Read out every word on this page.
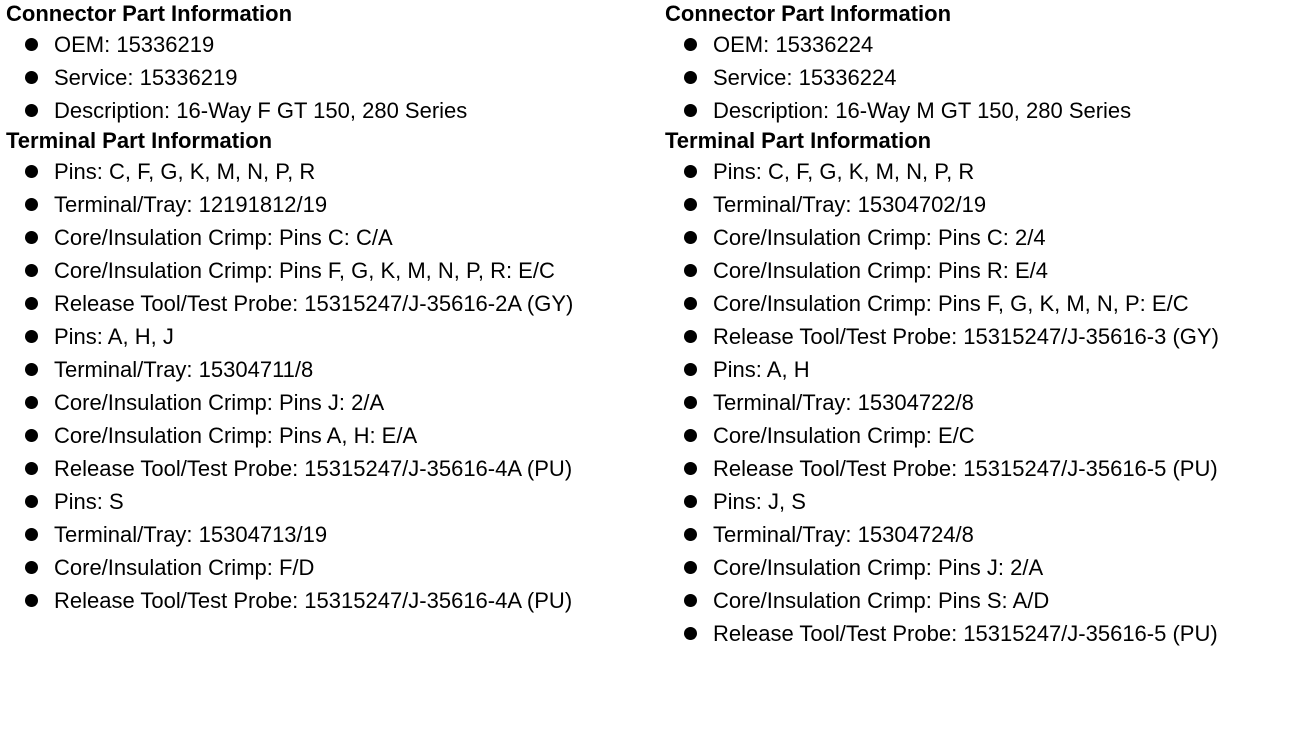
Connector Part Information
OEM: 15336219
Service: 15336219
Description: 16-Way F GT 150, 280 Series
Terminal Part Information
Pins: C, F, G, K, M, N, P, R
Terminal/Tray: 12191812/19
Core/Insulation Crimp: Pins C: C/A
Core/Insulation Crimp: Pins F, G, K, M, N, P, R: E/C
Release Tool/Test Probe: 15315247/J-35616-2A (GY)
Pins: A, H, J
Terminal/Tray: 15304711/8
Core/Insulation Crimp: Pins J: 2/A
Core/Insulation Crimp: Pins A, H: E/A
Release Tool/Test Probe: 15315247/J-35616-4A (PU)
Pins: S
Terminal/Tray: 15304713/19
Core/Insulation Crimp: F/D
Release Tool/Test Probe: 15315247/J-35616-4A (PU)
Connector Part Information
OEM: 15336224
Service: 15336224
Description: 16-Way M GT 150, 280 Series
Terminal Part Information
Pins: C, F, G, K, M, N, P, R
Terminal/Tray: 15304702/19
Core/Insulation Crimp: Pins C: 2/4
Core/Insulation Crimp: Pins R: E/4
Core/Insulation Crimp: Pins F, G, K, M, N, P: E/C
Release Tool/Test Probe: 15315247/J-35616-3 (GY)
Pins: A, H
Terminal/Tray: 15304722/8
Core/Insulation Crimp: E/C
Release Tool/Test Probe: 15315247/J-35616-5 (PU)
Pins: J, S
Terminal/Tray: 15304724/8
Core/Insulation Crimp: Pins J: 2/A
Core/Insulation Crimp: Pins S: A/D
Release Tool/Test Probe: 15315247/J-35616-5 (PU)
